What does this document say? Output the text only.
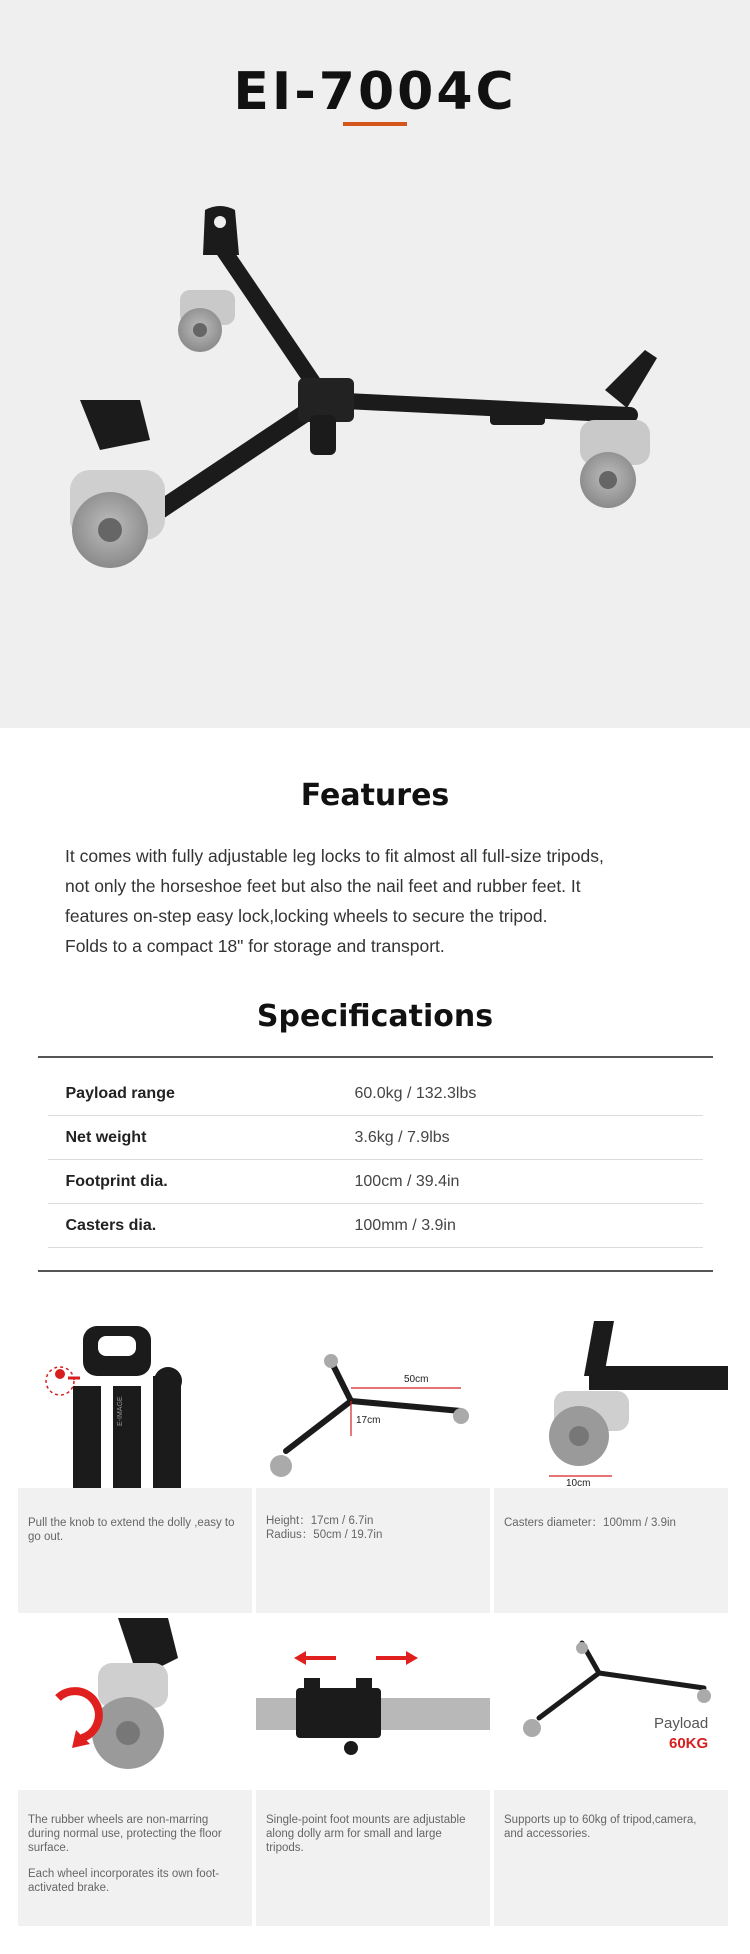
EI-7004C
Features

It comes with fully adjustable leg locks to fit almost all full-size tripods,

not only the horseshoe feet but also the nail feet and rubber feet. It

features on-step easy lock,locking wheels to secure the tripod.

Folds to a compact 18" for storage and transport.

Specifications
Payload range	60.0kg / 132.3lbs
Net weight	3.6kg / 7.9lbs
Footprint dia.	100cm / 39.4in
Casters dia.	100mm / 3.9in
E-IMAGE

Pull the knob to extend the dolly ,easy to go out.

50cm
17cm

Height：17cm / 6.7in

Radius：50cm / 19.7in

10cm

Casters diameter：100mm / 3.9in

The rubber wheels are non-marring during normal use, protecting the floor surface.

Each wheel incorporates its own foot-activated brake.

Single-point foot mounts are adjustable along dolly arm for small and large tripods.

Payload
60KG

Supports up to 60kg of tripod,camera, and accessories.
